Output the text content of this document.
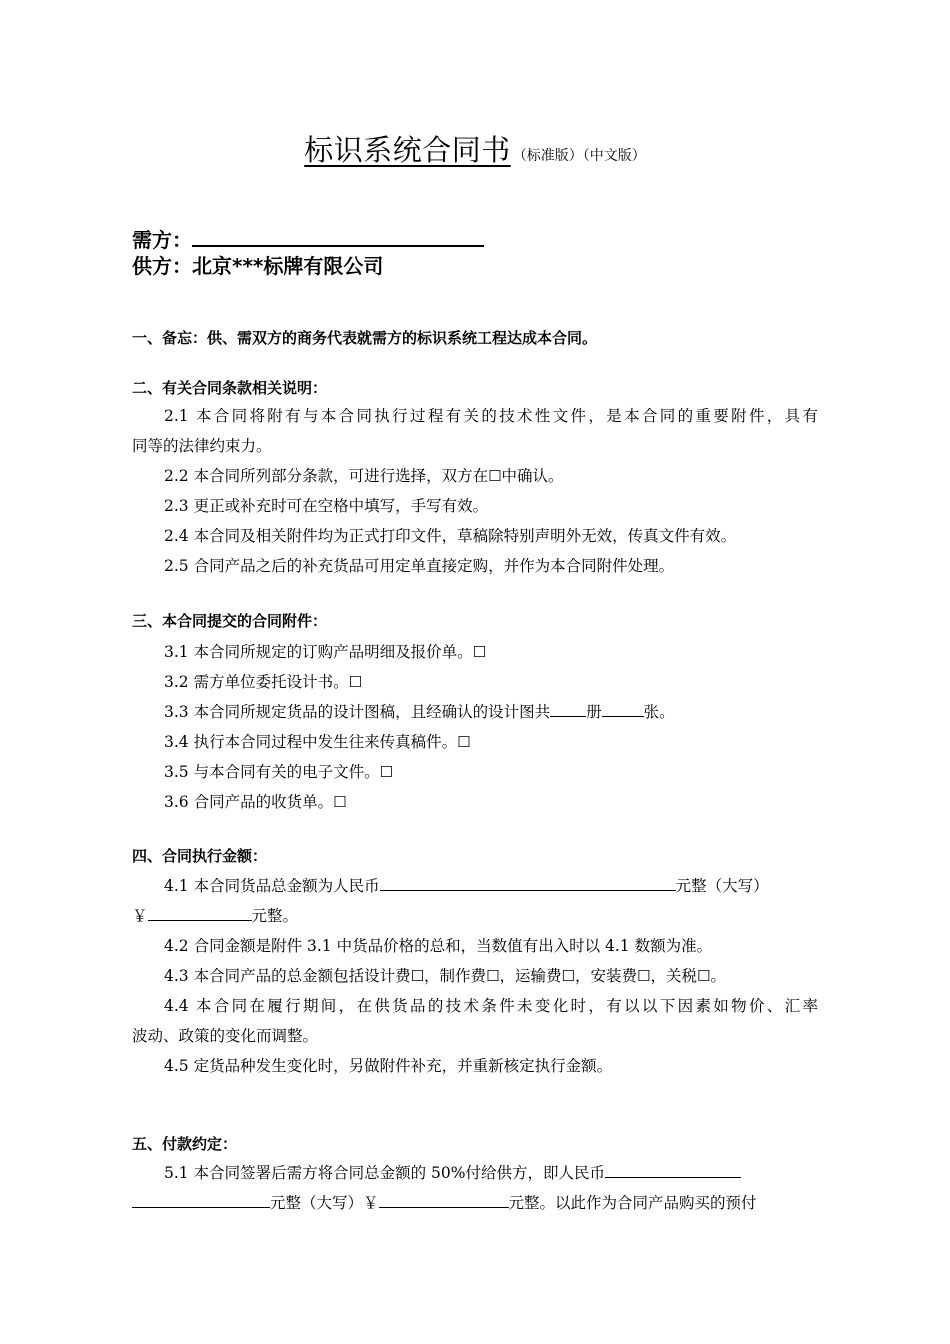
标识系统合同书 （标准版）（中文版）
需方：
供方：北京***标牌有限公司
一、备忘：供、需双方的商务代表就需方的标识系统工程达成本合同。
二、有关合同条款相关说明：
2.1 本合同将附有与本合同执行过程有关的技术性文件，是本合同的重要附件，具有
同等的法律约束力。
2.2 本合同所列部分条款，可进行选择，双方在☐中确认。
2.3 更正或补充时可在空格中填写，手写有效。
2.4 本合同及相关附件均为正式打印文件，草稿除特别声明外无效，传真文件有效。
2.5 合同产品之后的补充货品可用定单直接定购，并作为本合同附件处理。
三、本合同提交的合同附件：
3.1 本合同所规定的订购产品明细及报价单。☐
3.2 需方单位委托设计书。☐
3.3 本合同所规定货品的设计图稿，且经确认的设计图共 册	张。
3.4 执行本合同过程中发生往来传真稿件。☐
3.5 与本合同有关的电子文件。☐
3.6 合同产品的收货单。☐
四、合同执行金额：
4.1 本合同货品总金额为人民币	元整（大写）
￥	元整。
4.2 合同金额是附件 3.1 中货品价格的总和，当数值有出入时以 4.1 数额为准。
4.3 本合同产品的总金额包括设计费☐，制作费☐，运输费☐，安装费☐，关税☐。
4.4 本合同在履行期间，在供货品的技术条件未变化时，有以以下因素如物价、汇率
波动、政策的变化而调整。
4.5 定货品种发生变化时，另做附件补充，并重新核定执行金额。
五、付款约定：
5.1 本合同签署后需方将合同总金额的 50%付给供方，即人民币
元整（大写）￥	元整。以此作为合同产品购买的预付
